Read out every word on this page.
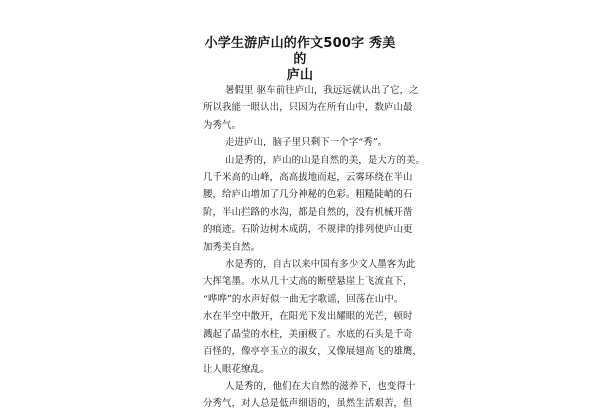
小学生游庐山的作文500字 秀美的
庐山
暑假里 驱车前往庐山，我远远就认出了它，之
所以我能一眼认出，只因为在所有山中，数庐山最
为秀气。
走进庐山，脑子里只剩下一个字“秀”。
山是秀的，庐山的山是自然的美，是大方的美。
几千米高的山峰，高高拔地而起，云雾环绕在半山
腰，给庐山增加了几分神秘的色彩。粗糙陡峭的石
阶，半山拦路的水沟，都是自然的，没有机械开凿
的痕迹。石阶边树木成荫，不规律的排列使庐山更
加秀美自然。
水是秀的，自古以来中国有多少文人墨客为此
大挥笔墨。水从几十丈高的断壁悬崖上飞流直下，
“哗哗”的水声好似一曲无字歌谣，回荡在山中。
水在半空中散开，在阳光下发出耀眼的光芒，顿时
溅起了晶莹的水柱，美丽极了。水底的石头是千奇
百怪的，像亭亭玉立的淑女，又像展翅高飞的雄鹰，
让人眼花缭乱。
人是秀的，他们在大自然的滋养下，也变得十
分秀气，对人总是低声细语的，虽然生活艰苦，但
